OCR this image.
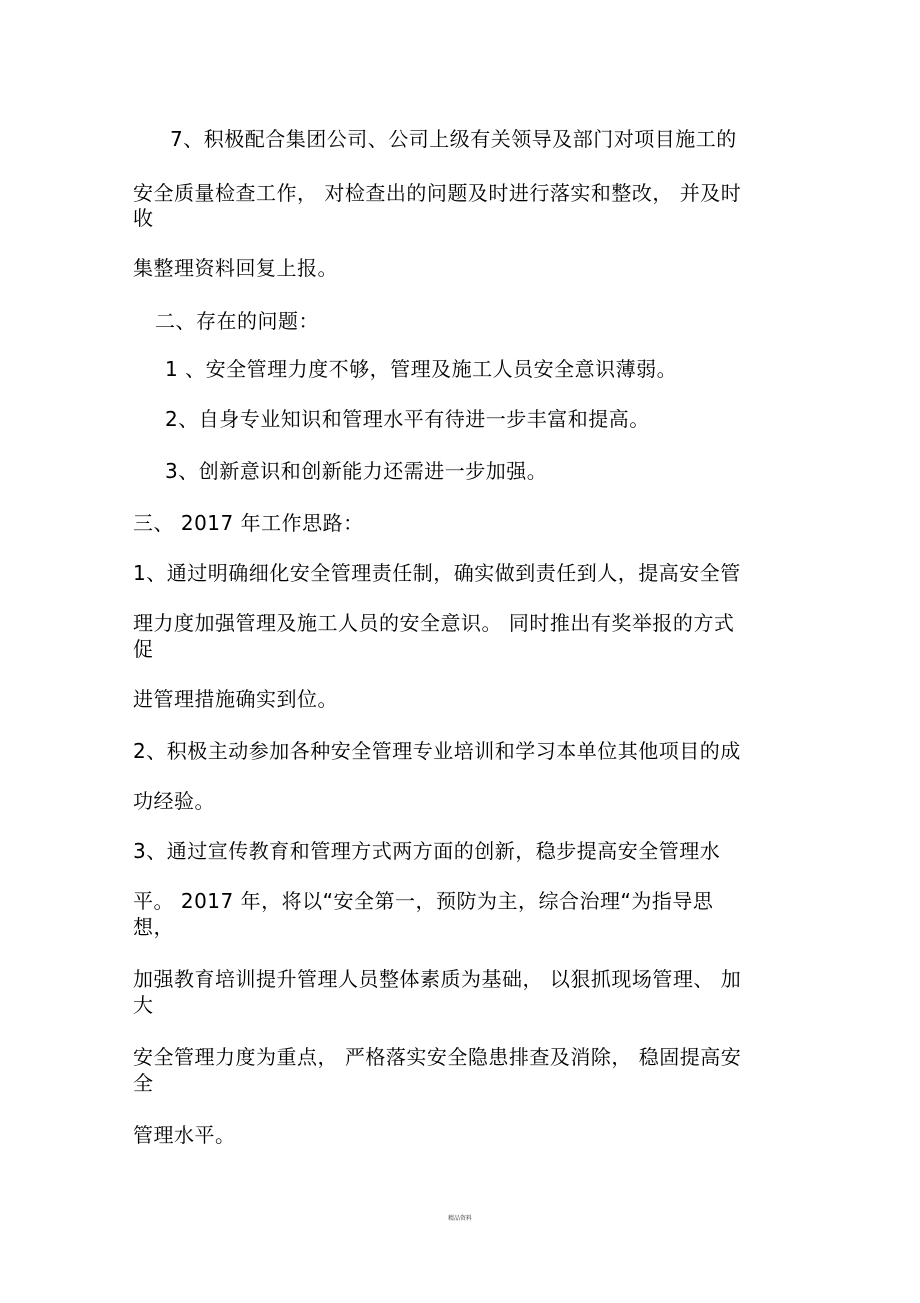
7、积极配合集团公司、公司上级有关领导及部门对项目施工的
安全质量检查工作， 对检查出的问题及时进行落实和整改， 并及时
收
集整理资料回复上报。
二、存在的问题：
1 、安全管理力度不够，管理及施工人员安全意识薄弱。
2、自身专业知识和管理水平有待进一步丰富和提高。
3、创新意识和创新能力还需进一步加强。
三、 2017 年工作思路：
1、通过明确细化安全管理责任制，确实做到责任到人，提高安全管
理力度加强管理及施工人员的安全意识。 同时推出有奖举报的方式
促
进管理措施确实到位。
2、积极主动参加各种安全管理专业培训和学习本单位其他项目的成
功经验。
3、通过宣传教育和管理方式两方面的创新，稳步提高安全管理水
平。 2017 年，将以“安全第一，预防为主，综合治理“为指导思
想，
加强教育培训提升管理人员整体素质为基础， 以狠抓现场管理、 加
大
安全管理力度为重点， 严格落实安全隐患排查及消除， 稳固提高安
全
管理水平。
精品资料
